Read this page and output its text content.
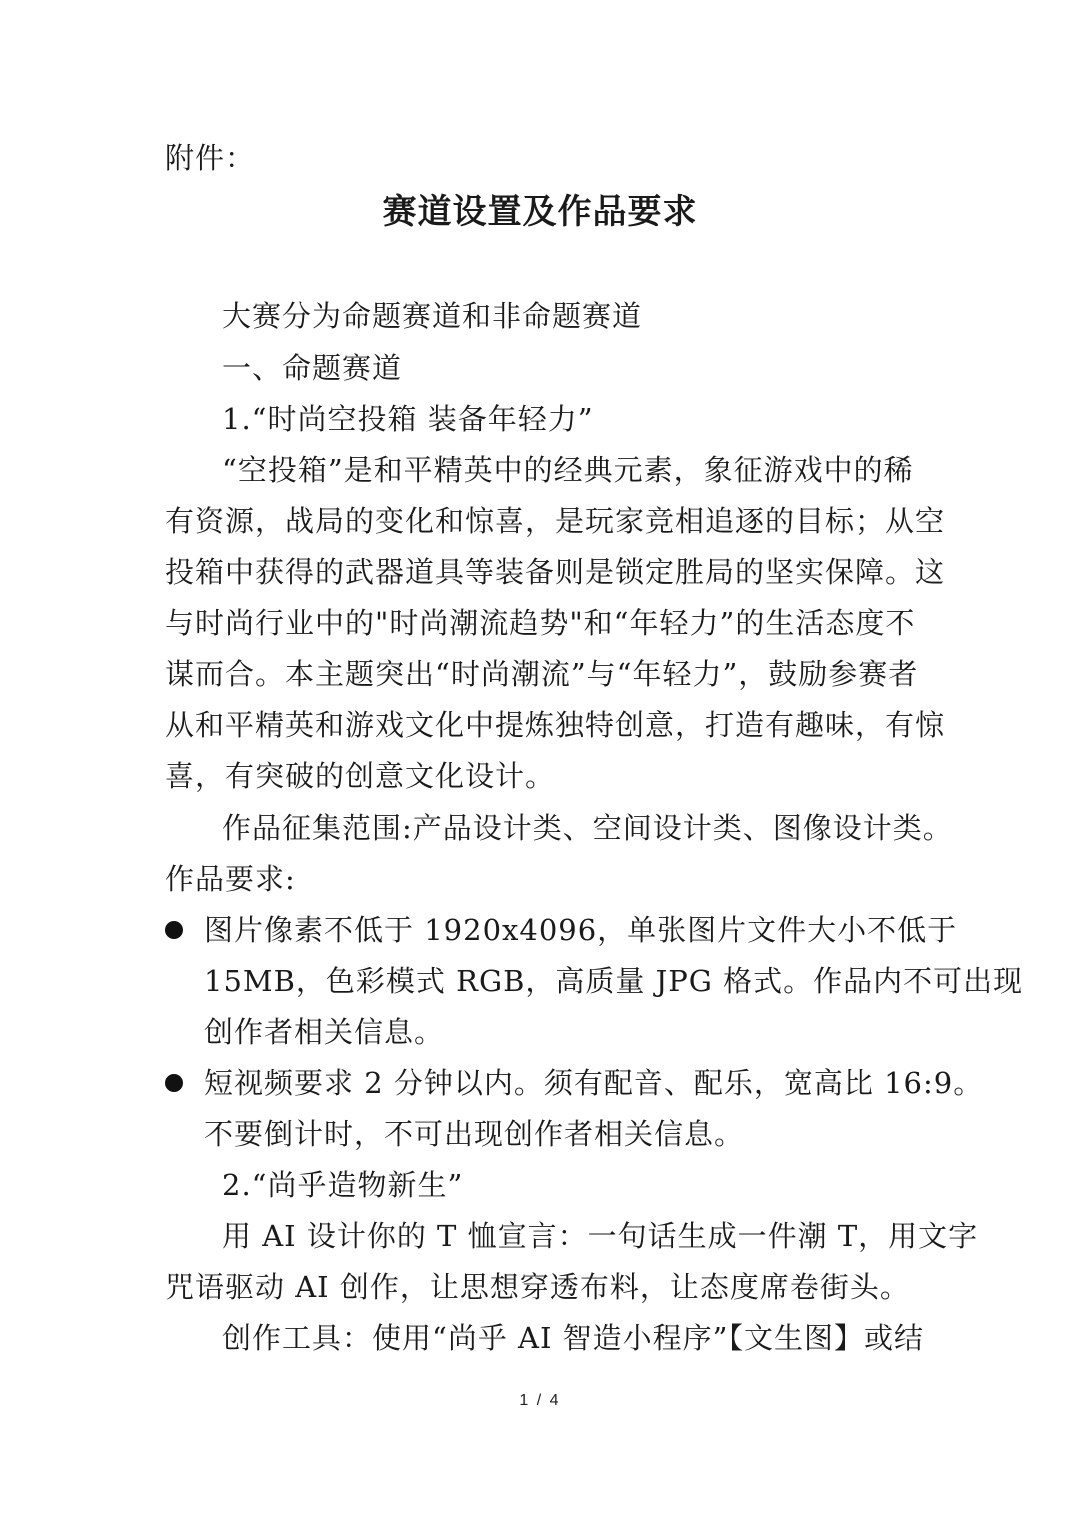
附件：
赛道设置及作品要求
大赛分为命题赛道和非命题赛道
一、命题赛道
1.“时尚空投箱 装备年轻力”
“空投箱”是和平精英中的经典元素，象征游戏中的稀
有资源，战局的变化和惊喜，是玩家竞相追逐的目标；从空
投箱中获得的武器道具等装备则是锁定胜局的坚实保障。这
与时尚行业中的"时尚潮流趋势"和“年轻力”的生活态度不
谋而合。本主题突出“时尚潮流”与“年轻力”，鼓励参赛者
从和平精英和游戏文化中提炼独特创意，打造有趣味，有惊
喜，有突破的创意文化设计。
作品征集范围:产品设计类、空间设计类、图像设计类。
作品要求:
图片像素不低于 1920x4096，单张图片文件大小不低于
15MB，色彩模式 RGB，高质量 JPG 格式。作品内不可出现
创作者相关信息。
短视频要求 2 分钟以内。须有配音、配乐，宽高比 16:9。
不要倒计时，不可出现创作者相关信息。
2.“尚乎造物新生”
用 AI 设计你的 T 恤宣言：一句话生成一件潮 T，用文字
咒语驱动 AI 创作，让思想穿透布料，让态度席卷街头。
创作工具：使用“尚乎 AI 智造小程序”【文生图】或结
1 / 4
